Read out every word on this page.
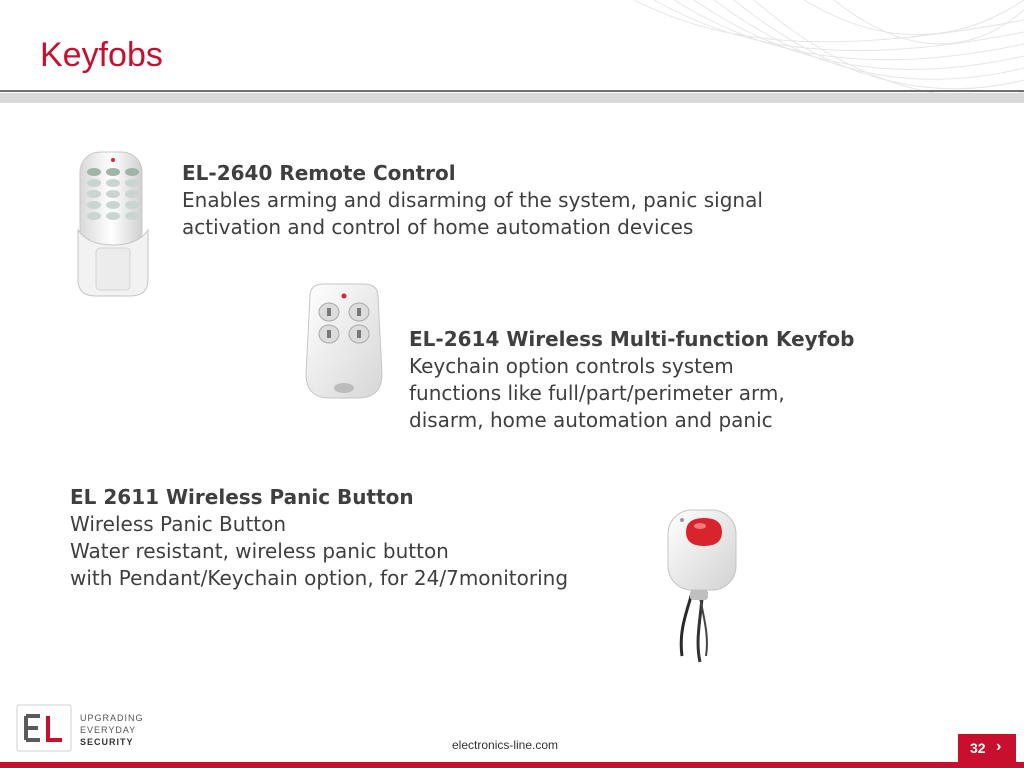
Keyfobs
EL-2640 Remote Control
Enables arming and disarming of the system, panic signal
activation and control of home automation devices
EL-2614 Wireless Multi-function Keyfob
Keychain option controls system
functions like full/part/perimeter arm,
disarm, home automation and panic
EL 2611 Wireless Panic Button
Wireless Panic Button
Water resistant, wireless panic button
with Pendant/Keychain option, for 24/7monitoring
UPGRADING
EVERYDAY
SECURITY	electronics-line.com	32 ›
